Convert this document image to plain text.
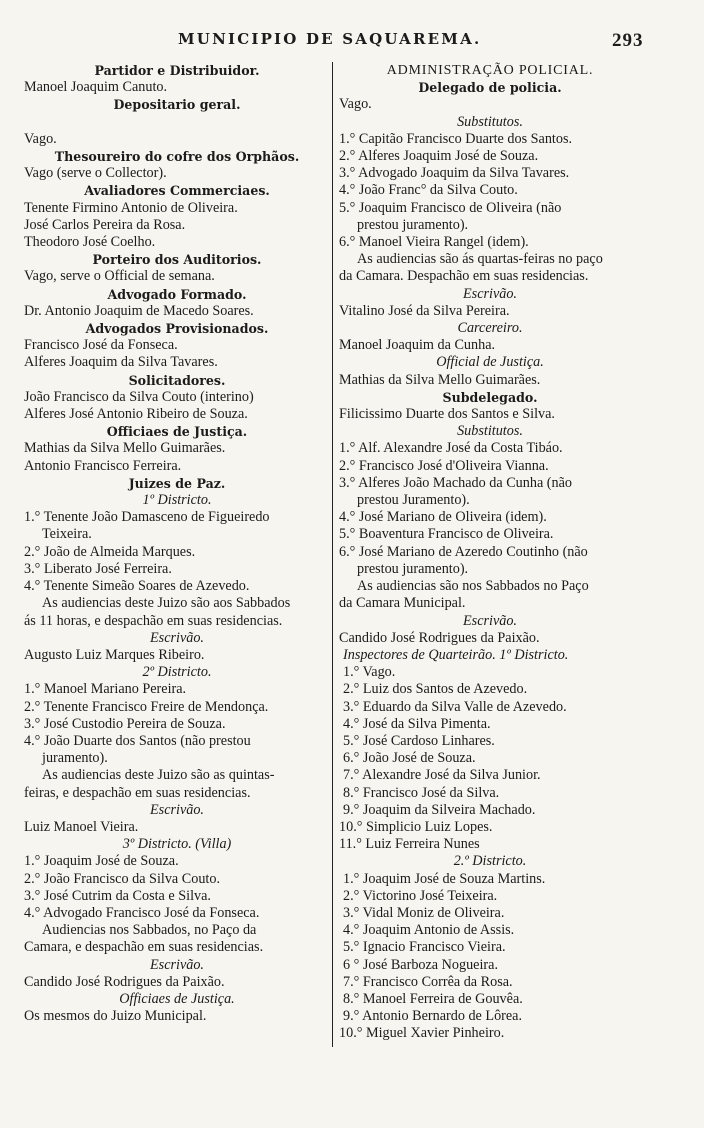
MUNICIPIO DE SAQUAREMA.	293
Partidor e Distribuidor.
Manoel Joaquim Canuto.
Depositario geral.

Vago.
Thesoureiro do cofre dos Orphãos.
Vago (serve o Collector).
Avaliadores Commerciaes.
Tenente Firmino Antonio de Oliveira.
José Carlos Pereira da Rosa.
Theodoro José Coelho.
Porteiro dos Auditorios.
Vago, serve o Official de semana.
Advogado Formado.
Dr. Antonio Joaquim de Macedo Soares.
Advogados Provisionados.
Francisco José da Fonseca.
Alferes Joaquim da Silva Tavares.
Solicitadores.
João Francisco da Silva Couto (interino)
Alferes José Antonio Ribeiro de Souza.
Officiaes de Justiça.
Mathias da Silva Mello Guimarães.
Antonio Francisco Ferreira.
Juizes de Paz.
1º Districto.
1.° Tenente João Damasceno de Figueiredo
Teixeira.
2.° João de Almeida Marques.
3.° Liberato José Ferreira.
4.° Tenente Simeão Soares de Azevedo.
As audiencias deste Juizo são aos Sabbados
ás 11 horas, e despachão em suas residencias.
Escrivão.
Augusto Luiz Marques Ribeiro.
2º Districto.
1.° Manoel Mariano Pereira.
2.° Tenente Francisco Freire de Mendonça.
3.° José Custodio Pereira de Souza.
4.° João Duarte dos Santos (não prestou
juramento).
As audiencias deste Juizo são as quintas-
feiras, e despachão em suas residencias.
Escrivão.
Luiz Manoel Vieira.
3º Districto. (Villa)
1.° Joaquim José de Souza.
2.° João Francisco da Silva Couto.
3.° José Cutrim da Costa e Silva.
4.° Advogado Francisco José da Fonseca.
Audiencias nos Sabbados, no Paço da
Camara, e despachão em suas residencias.
Escrivão.
Candido José Rodrigues da Paixão.
Officiaes de Justiça.
Os mesmos do Juizo Municipal.
ADMINISTRAÇÃO POLICIAL.
Delegado de policia.
Vago.
Substitutos.
1.° Capitão Francisco Duarte dos Santos.
2.° Alferes Joaquim José de Souza.
3.° Advogado Joaquim da Silva Tavares.
4.° João Franc° da Silva Couto.
5.° Joaquim Francisco de Oliveira (não
prestou juramento).
6.° Manoel Vieira Rangel (idem).
As audiencias são ás quartas-feiras no paço
da Camara. Despachão em suas residencias.
Escrivão.
Vitalino José da Silva Pereira.
Carcereiro.
Manoel Joaquim da Cunha.
Official de Justiça.
Mathias da Silva Mello Guimarães.
Subdelegado.
Filicissimo Duarte dos Santos e Silva.
Substitutos.
1.° Alf. Alexandre José da Costa Tibáo.
2.° Francisco José d'Oliveira Vianna.
3.° Alferes João Machado da Cunha (não
prestou Juramento).
4.° José Mariano de Oliveira (idem).
5.° Boaventura Francisco de Oliveira.
6.° José Mariano de Azeredo Coutinho (não
prestou juramento).
As audiencias são nos Sabbados no Paço
da Camara Municipal.
Escrivão.
Candido José Rodrigues da Paixão.
Inspectores de Quarteirão. 1º Districto.
1.° Vago.
2.° Luiz dos Santos de Azevedo.
3.° Eduardo da Silva Valle de Azevedo.
4.° José da Silva Pimenta.
5.° José Cardoso Linhares.
6.° João José de Souza.
7.° Alexandre José da Silva Junior.
8.° Francisco José da Silva.
9.° Joaquim da Silveira Machado.
10.° Simplicio Luiz Lopes.
11.° Luiz Ferreira Nunes
2.º Districto.
1.° Joaquim José de Souza Martins.
2.° Victorino José Teixeira.
3.° Vidal Moniz de Oliveira.
4.° Joaquim Antonio de Assis.
5.° Ignacio Francisco Vieira.
6 ° José Barboza Nogueira.
7.° Francisco Corrêa da Rosa.
8.° Manoel Ferreira de Gouvêa.
9.° Antonio Bernardo de Lôrea.
10.° Miguel Xavier Pinheiro.
